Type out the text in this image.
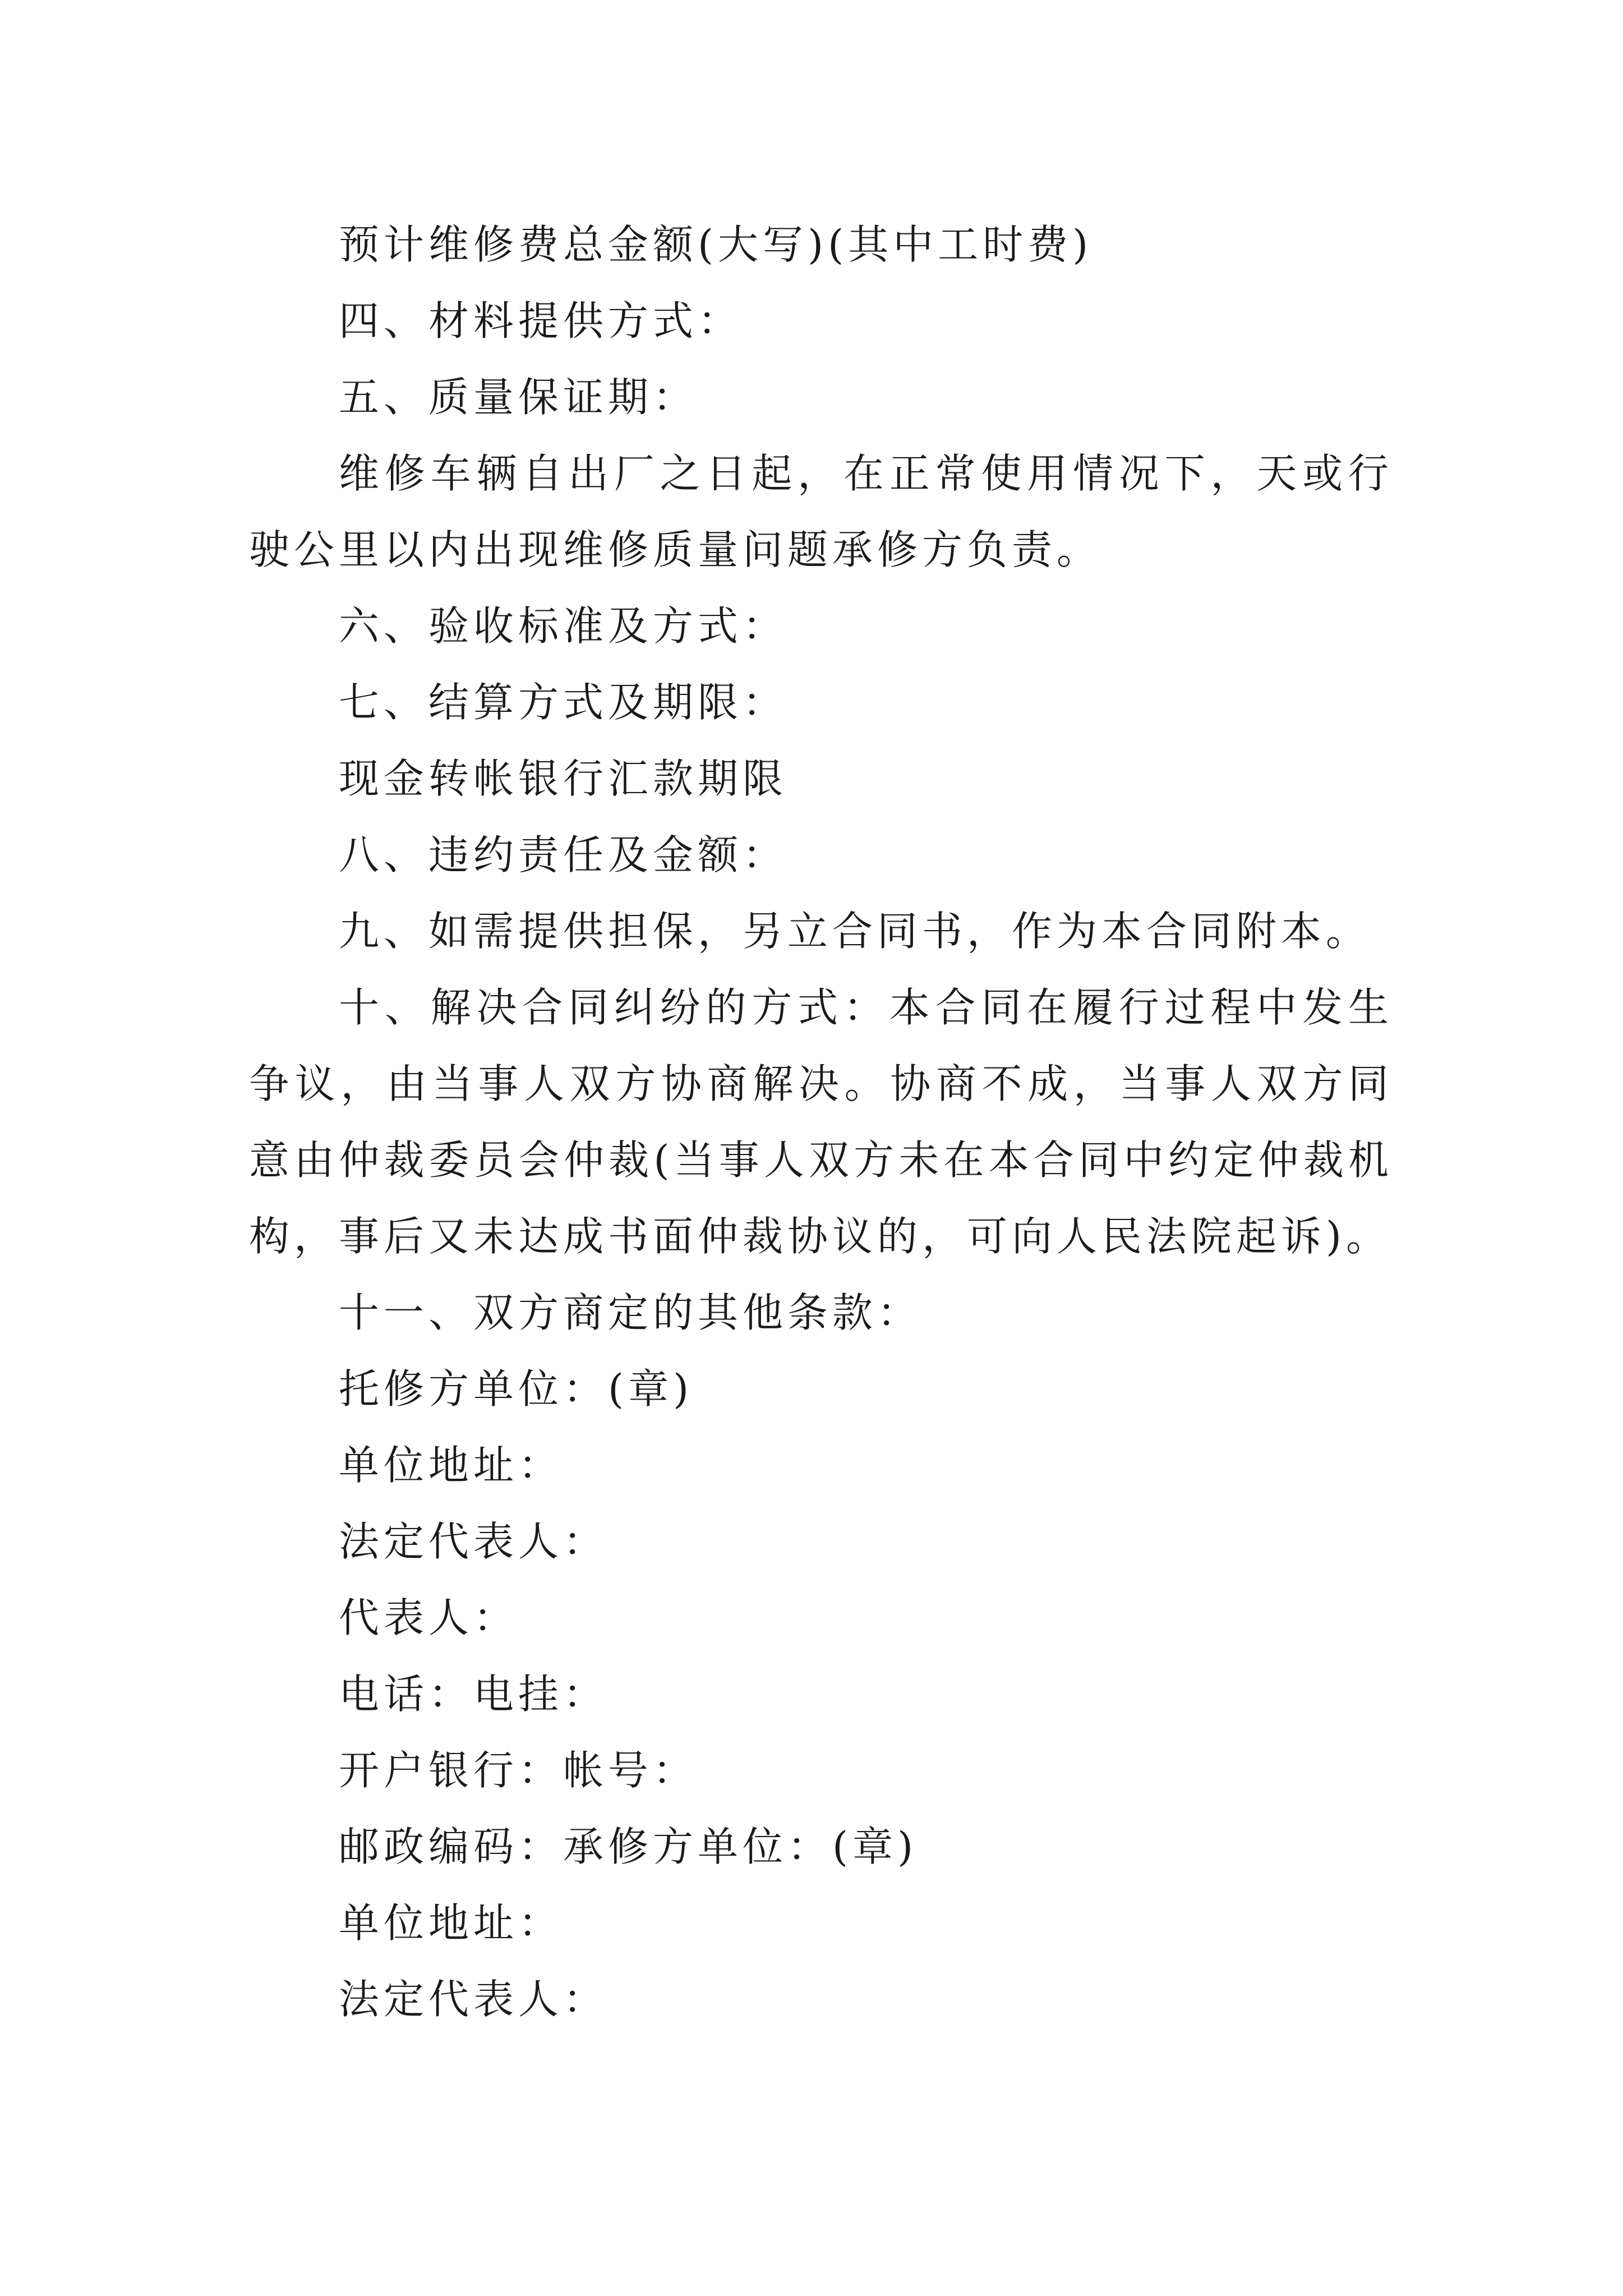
预计维修费总金额(大写)(其中工时费)

四、材料提供方式：

五、质量保证期：

维修车辆自出厂之日起，在正常使用情况下，天或行驶公里以内出现维修质量问题承修方负责。

六、验收标准及方式：

七、结算方式及期限：

现金转帐银行汇款期限

八、违约责任及金额：

九、如需提供担保，另立合同书，作为本合同附本。

十、解决合同纠纷的方式：本合同在履行过程中发生争议，由当事人双方协商解决。协商不成，当事人双方同意由仲裁委员会仲裁(当事人双方未在本合同中约定仲裁机构，事后又未达成书面仲裁协议的，可向人民法院起诉)。

十一、双方商定的其他条款：

托修方单位：(章)

单位地址：

法定代表人：

代表人：

电话：电挂：

开户银行：帐号：

邮政编码：承修方单位：(章)

单位地址：

法定代表人：
